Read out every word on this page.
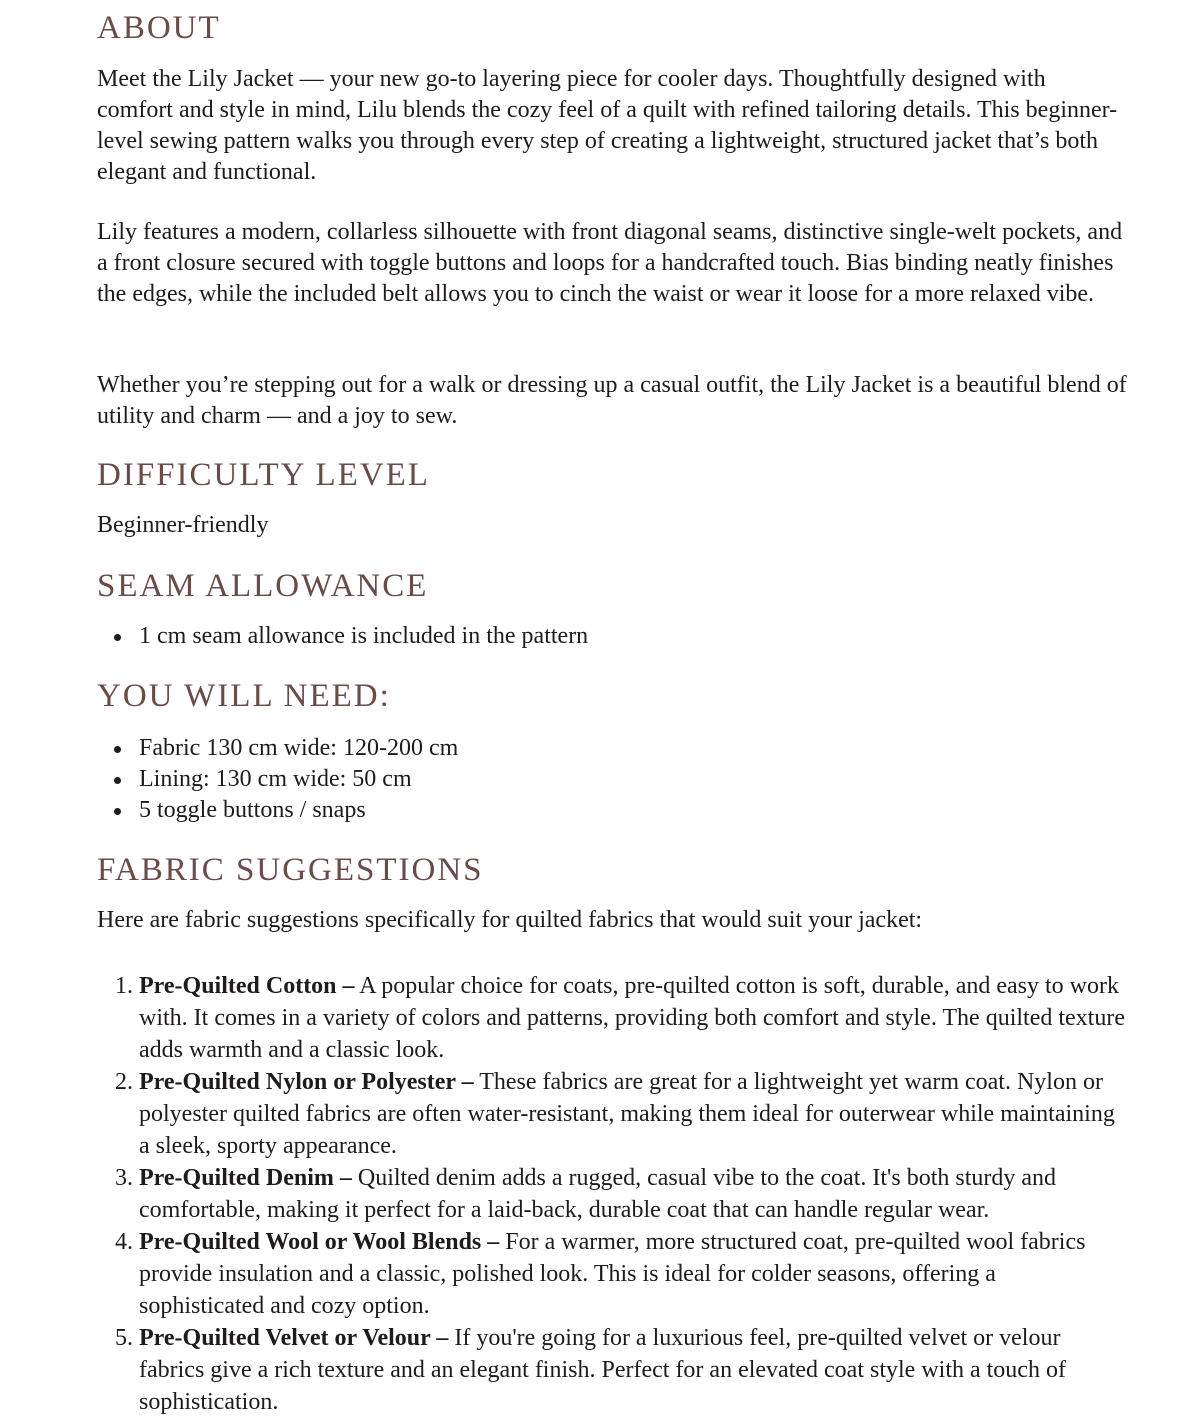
ABOUT

Meet the Lily Jacket — your new go-to layering piece for cooler days. Thoughtfully designed with comfort and style in mind, Lilu blends the cozy feel of a quilt with refined tailoring details. This beginner-level sewing pattern walks you through every step of creating a lightweight, structured jacket that’s both elegant and functional.

Lily features a modern, collarless silhouette with front diagonal seams, distinctive single-welt pockets, and a front closure secured with toggle buttons and loops for a handcrafted touch. Bias binding neatly finishes the edges, while the included belt allows you to cinch the waist or wear it loose for a more relaxed vibe.

Whether you’re stepping out for a walk or dressing up a casual outfit, the Lily Jacket is a beautiful blend of utility and charm — and a joy to sew.

DIFFICULTY LEVEL

Beginner-friendly

SEAM ALLOWANCE
1 cm seam allowance is included in the pattern
YOU WILL NEED:
Fabric 130 cm wide: 120-200 cm
Lining: 130 cm wide: 50 cm
5 toggle buttons / snaps
FABRIC SUGGESTIONS

Here are fabric suggestions specifically for quilted fabrics that would suit your jacket:

1. Pre-Quilted Cotton – A popular choice for coats, pre-quilted cotton is soft, durable, and easy to work with. It comes in a variety of colors and patterns, providing both comfort and style. The quilted texture adds warmth and a classic look.
2. Pre-Quilted Nylon or Polyester – These fabrics are great for a lightweight yet warm coat. Nylon or polyester quilted fabrics are often water-resistant, making them ideal for outerwear while maintaining a sleek, sporty appearance.
3. Pre-Quilted Denim – Quilted denim adds a rugged, casual vibe to the coat. It's both sturdy and comfortable, making it perfect for a laid-back, durable coat that can handle regular wear.
4. Pre-Quilted Wool or Wool Blends – For a warmer, more structured coat, pre-quilted wool fabrics provide insulation and a classic, polished look. This is ideal for colder seasons, offering a sophisticated and cozy option.
5. Pre-Quilted Velvet or Velour – If you're going for a luxurious feel, pre-quilted velvet or velour fabrics give a rich texture and an elegant finish. Perfect for an elevated coat style with a touch of sophistication.
